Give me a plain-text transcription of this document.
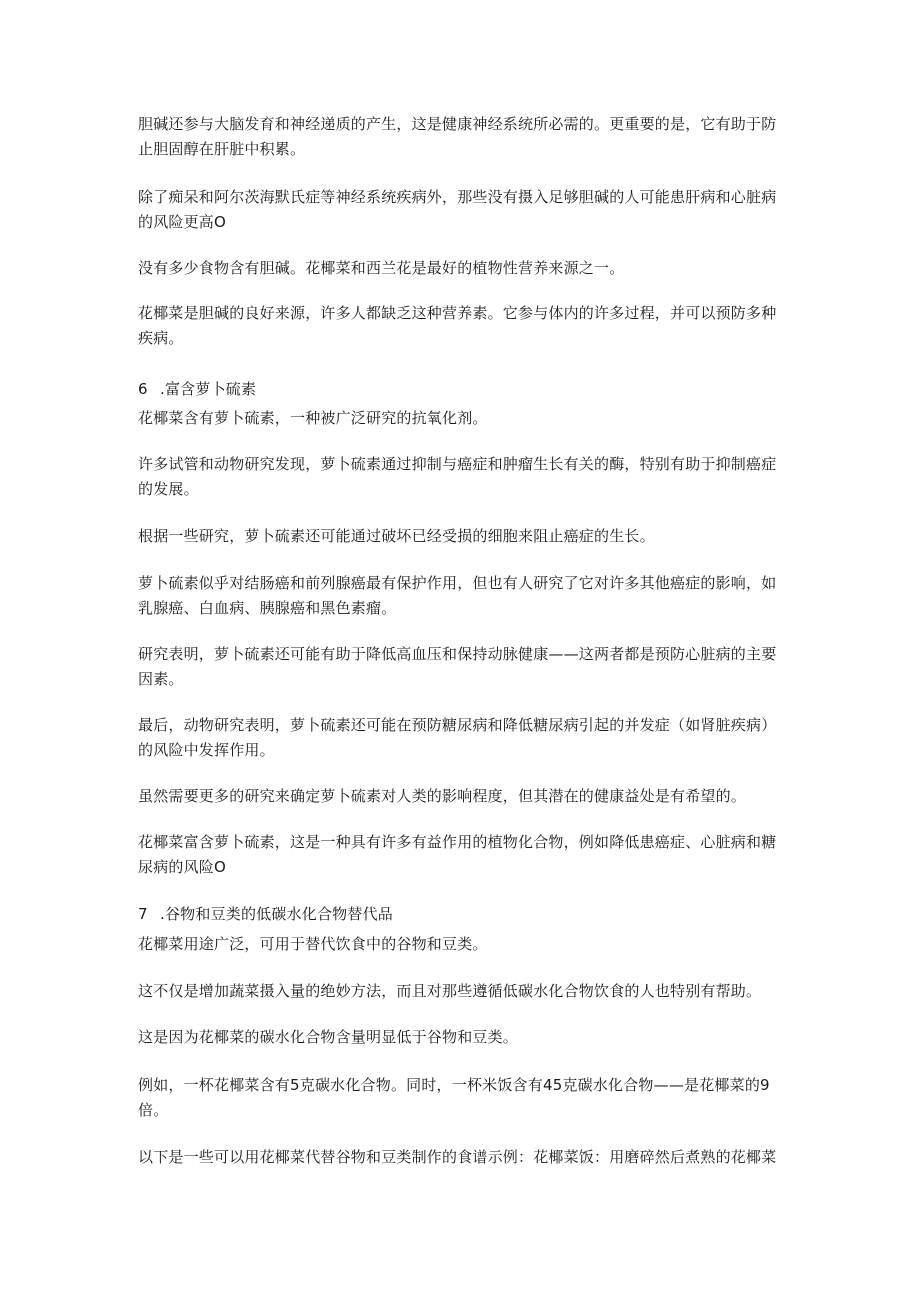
胆碱还参与大脑发育和神经递质的产生，这是健康神经系统所必需的。更重要的是，它有助于防止胆固醇在肝脏中积累。

除了痴呆和阿尔茨海默氏症等神经系统疾病外，那些没有摄入足够胆碱的人可能患肝病和心脏病的风险更高O

没有多少食物含有胆碱。花椰菜和西兰花是最好的植物性营养来源之一。

花椰菜是胆碱的良好来源，许多人都缺乏这种营养素。它参与体内的许多过程，并可以预防多种疾病。

6 .富含萝卜硫素

花椰菜含有萝卜硫素，一种被广泛研究的抗氧化剂。

许多试管和动物研究发现，萝卜硫素通过抑制与癌症和肿瘤生长有关的酶，特别有助于抑制癌症的发展。

根据一些研究，萝卜硫素还可能通过破坏已经受损的细胞来阻止癌症的生长。

萝卜硫素似乎对结肠癌和前列腺癌最有保护作用，但也有人研究了它对许多其他癌症的影响，如乳腺癌、白血病、胰腺癌和黑色素瘤。

研究表明，萝卜硫素还可能有助于降低高血压和保持动脉健康——这两者都是预防心脏病的主要因素。

最后，动物研究表明，萝卜硫素还可能在预防糖尿病和降低糖尿病引起的并发症（如肾脏疾病）的风险中发挥作用。

虽然需要更多的研究来确定萝卜硫素对人类的影响程度，但其潜在的健康益处是有希望的。

花椰菜富含萝卜硫素，这是一种具有许多有益作用的植物化合物，例如降低患癌症、心脏病和糖尿病的风险O

7 .谷物和豆类的低碳水化合物替代品

花椰菜用途广泛，可用于替代饮食中的谷物和豆类。

这不仅是增加蔬菜摄入量的绝妙方法，而且对那些遵循低碳水化合物饮食的人也特别有帮助。

这是因为花椰菜的碳水化合物含量明显低于谷物和豆类。

例如，一杯花椰菜含有5克碳水化合物。同时，一杯米饭含有45克碳水化合物——是花椰菜的9倍。

以下是一些可以用花椰菜代替谷物和豆类制作的食谱示例：花椰菜饭：用磨碎然后煮熟的花椰菜
